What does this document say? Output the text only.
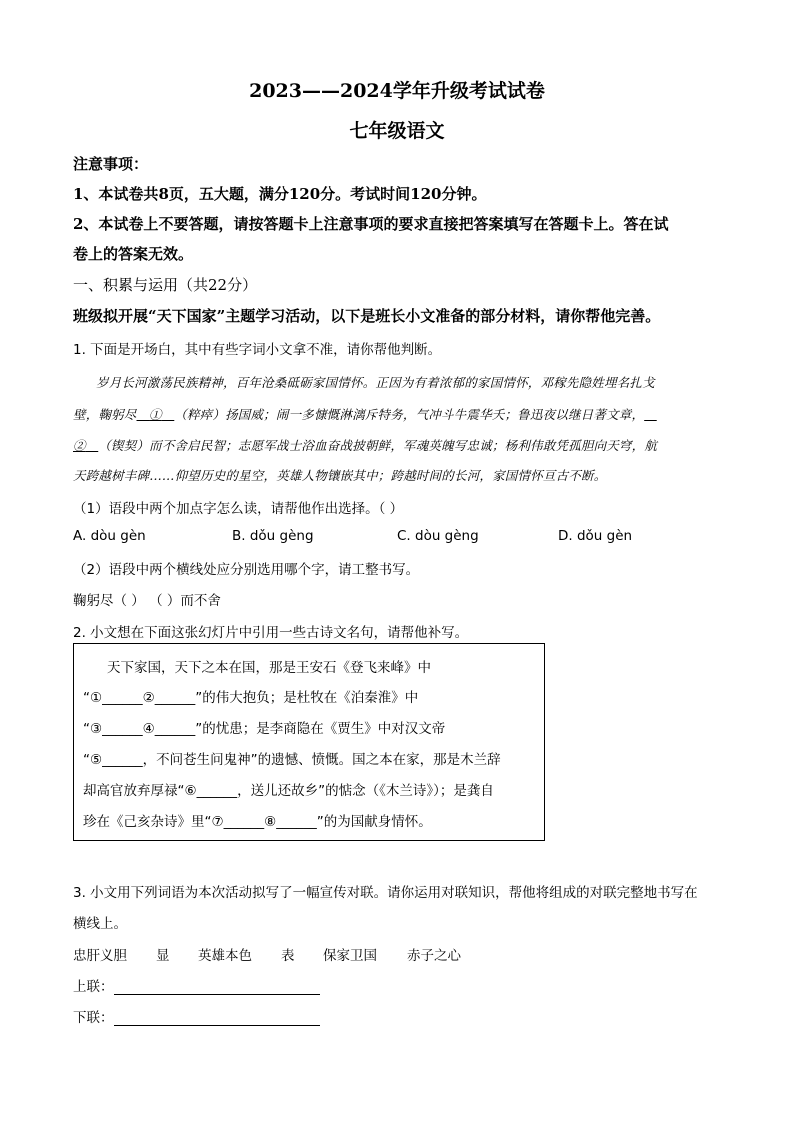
2023——2024学年升级考试试卷
七年级语文
注意事项：
1、本试卷共8页，五大题，满分120分。考试时间120分钟。
2、本试卷上不要答题，请按答题卡上注意事项的要求直接把答案填写在答题卡上。答在试
卷上的答案无效。
一、积累与运用（共22分）
班级拟开展“天下国家”主题学习活动，以下是班长小文准备的部分材料，请你帮他完善。
1. 下面是开场白，其中有些字词小文拿不准，请你帮他判断。
岁月长河激荡民族精神，百年沧桑砥砺家国情怀。正因为有着浓郁的家国情怀，邓稼先隐姓埋名扎戈
壁，鞠躬尽 ① （粹瘁）扬国威；闹一多慷慨淋漓斥特务，气冲斗牛震华夭；鲁迅夜以继日著文章，
② （锲契）而不舍启民智；志愿军战士浴血奋战披朝鲜，军魂英魄写忠诚；杨利伟敢凭孤胆向天穹，航
天跨越树丰碑……仰望历史的星空，英雄人物镶嵌其中；跨越时间的长河，家国情怀亘古不断。
（1）语段中两个加点字怎么读，请帮他作出选择。（ ）
A. dòu gèn	B. dǒu gèng	C. dòu gèng	D. dǒu gèn
（2）语段中两个横线处应分别选用哪个字，请工整书写。
鞠躬尽（ ） （ ）而不舍
2. 小文想在下面这张幻灯片中引用一些古诗文名句，请帮他补写。
天下家国，天下之本在国，那是王安石《登飞来峰》中
“①______②______”的伟大抱负；是杜牧在《泊秦淮》中
“③______④______”的忧患；是李商隐在《贾生》中对汉文帝
“⑤______，不问苍生问鬼神”的遗憾、愤慨。国之本在家，那是木兰辞
却高官放弃厚禄“⑥______，送儿还故乡”的惦念（《木兰诗》）；是龚自
珍在《己亥杂诗》里“⑦______⑧______”的为国献身情怀。
3. 小文用下列词语为本次活动拟写了一幅宣传对联。请你运用对联知识，帮他将组成的对联完整地书写在
横线上。
忠肝义胆 显 英雄本色 表 保家卫国 赤子之心
上联：
下联：
